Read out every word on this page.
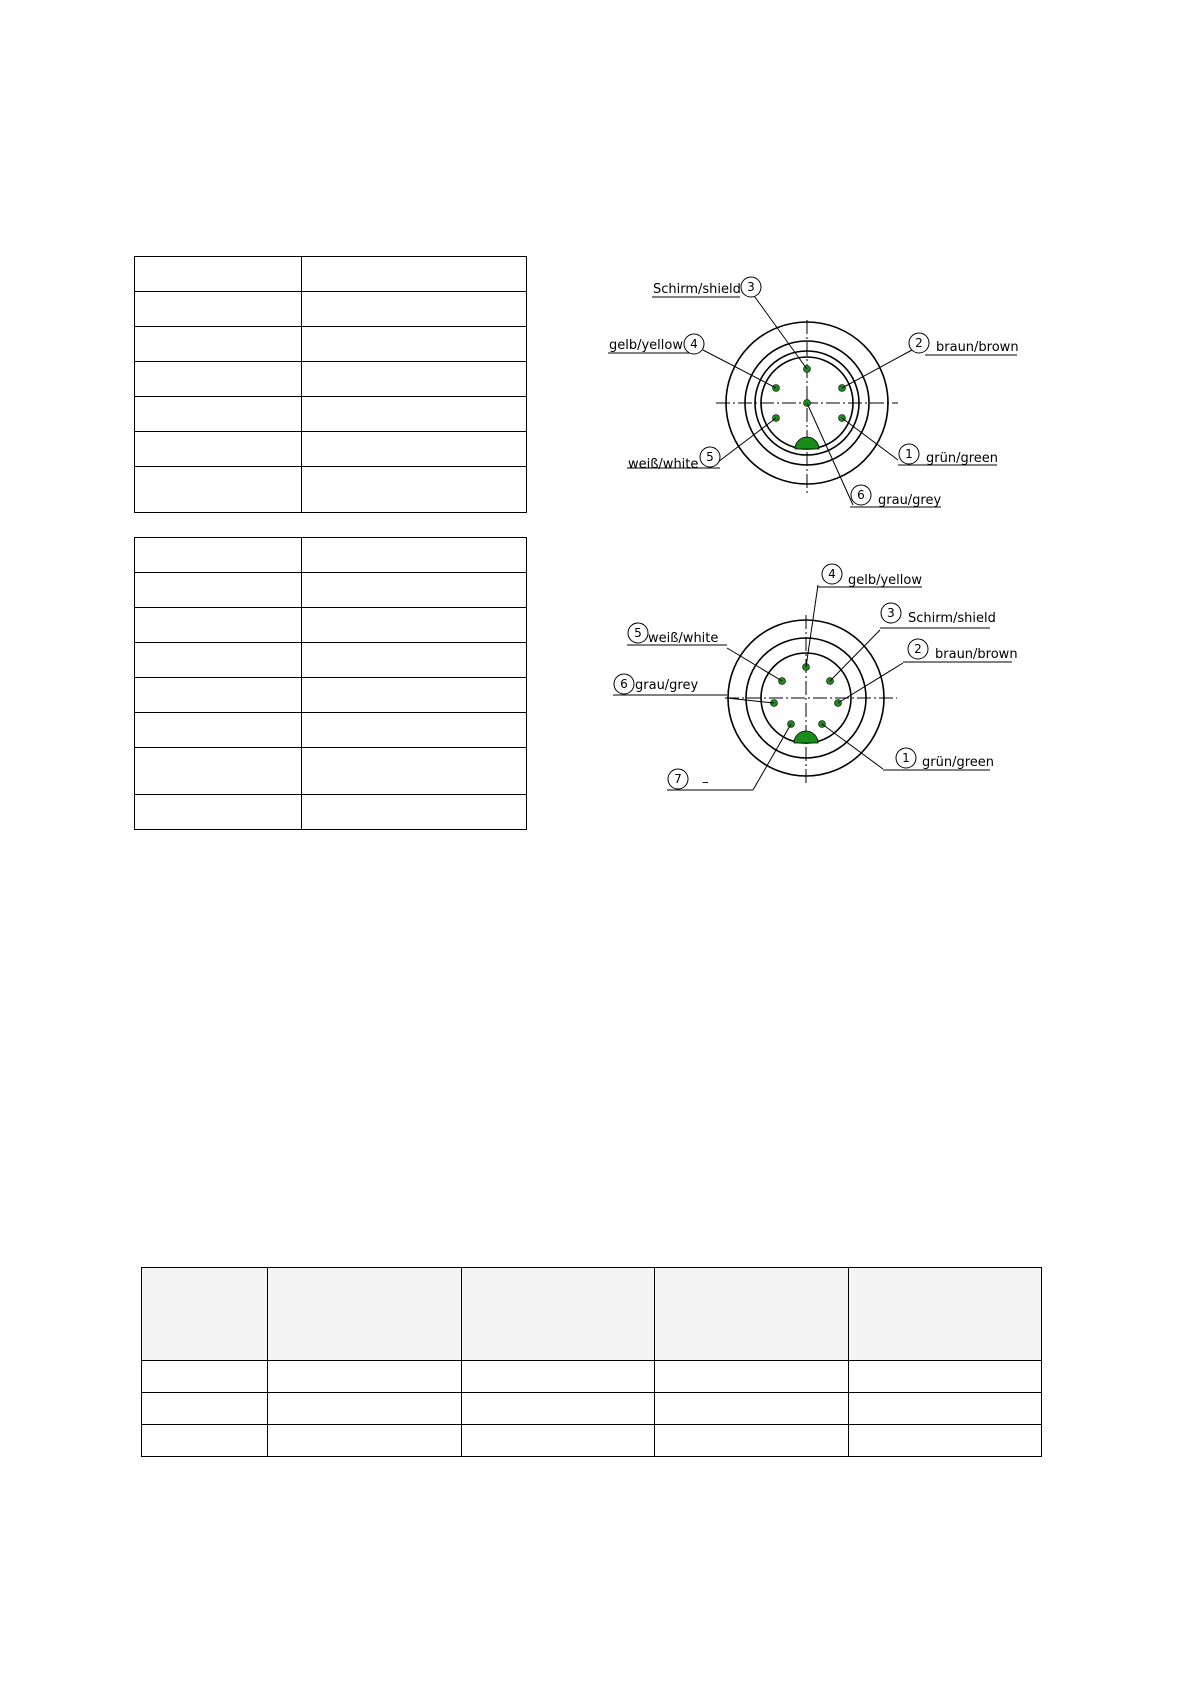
Schirm/shield 3
gelb/yellow 4	2 braun/brown
weiß/white 5	1 grün/green
6 grau/grey
4 gelb/yellow
3 Schirm/shield
2 braun/brown
5 weiß/white
6 grau/grey
1 grün/green
7 –
